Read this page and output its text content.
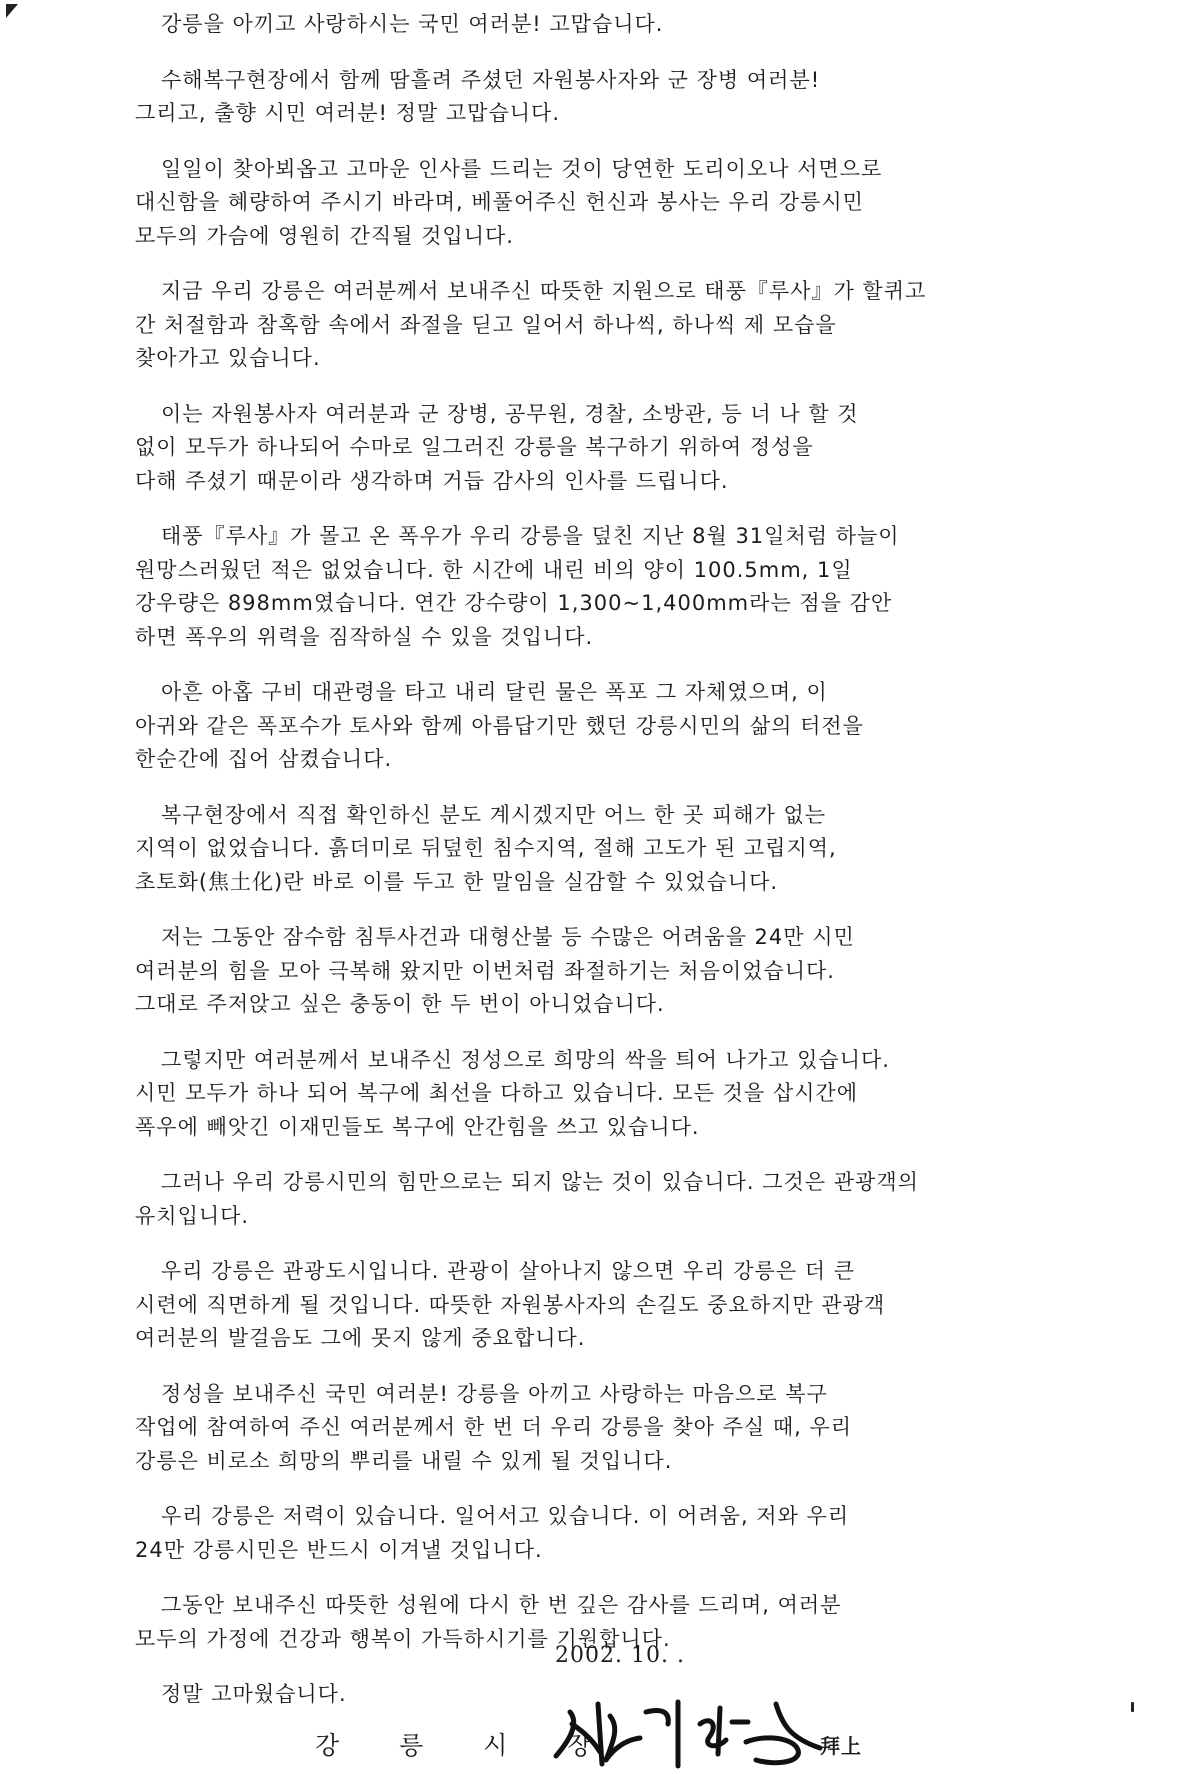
강릉을 아끼고 사랑하시는 국민 여러분! 고맙습니다.
수해복구현장에서 함께 땀흘려 주셨던 자원봉사자와 군 장병 여러분!
그리고, 출향 시민 여러분! 정말 고맙습니다.
일일이 찾아뵈옵고 고마운 인사를 드리는 것이 당연한 도리이오나 서면으로
대신함을 혜량하여 주시기 바라며, 베풀어주신 헌신과 봉사는 우리 강릉시민
모두의 가슴에 영원히 간직될 것입니다.
지금 우리 강릉은 여러분께서 보내주신 따뜻한 지원으로 태풍『루사』가 할퀴고
간 처절함과 참혹함 속에서 좌절을 딛고 일어서 하나씩, 하나씩 제 모습을
찾아가고 있습니다.
이는 자원봉사자 여러분과 군 장병, 공무원, 경찰, 소방관, 등 너 나 할 것
없이 모두가 하나되어 수마로 일그러진 강릉을 복구하기 위하여 정성을
다해 주셨기 때문이라 생각하며 거듭 감사의 인사를 드립니다.
태풍『루사』가 몰고 온 폭우가 우리 강릉을 덮친 지난 8월 31일처럼 하늘이
원망스러웠던 적은 없었습니다. 한 시간에 내린 비의 양이 100.5mm, 1일
강우량은 898mm였습니다. 연간 강수량이 1,300~1,400mm라는 점을 감안
하면 폭우의 위력을 짐작하실 수 있을 것입니다.
아흔 아홉 구비 대관령을 타고 내리 달린 물은 폭포 그 자체였으며, 이
아귀와 같은 폭포수가 토사와 함께 아름답기만 했던 강릉시민의 삶의 터전을
한순간에 집어 삼켰습니다.
복구현장에서 직접 확인하신 분도 계시겠지만 어느 한 곳 피해가 없는
지역이 없었습니다. 흙더미로 뒤덮힌 침수지역, 절해 고도가 된 고립지역,
초토화(焦土化)란 바로 이를 두고 한 말임을 실감할 수 있었습니다.
저는 그동안 잠수함 침투사건과 대형산불 등 수많은 어려움을 24만 시민
여러분의 힘을 모아 극복해 왔지만 이번처럼 좌절하기는 처음이었습니다.
그대로 주저앉고 싶은 충동이 한 두 번이 아니었습니다.
그렇지만 여러분께서 보내주신 정성으로 희망의 싹을 틔어 나가고 있습니다.
시민 모두가 하나 되어 복구에 최선을 다하고 있습니다. 모든 것을 삽시간에
폭우에 빼앗긴 이재민들도 복구에 안간힘을 쓰고 있습니다.
그러나 우리 강릉시민의 힘만으로는 되지 않는 것이 있습니다. 그것은 관광객의
유치입니다.
우리 강릉은 관광도시입니다. 관광이 살아나지 않으면 우리 강릉은 더 큰
시련에 직면하게 될 것입니다. 따뜻한 자원봉사자의 손길도 중요하지만 관광객
여러분의 발걸음도 그에 못지 않게 중요합니다.
정성을 보내주신 국민 여러분! 강릉을 아끼고 사랑하는 마음으로 복구
작업에 참여하여 주신 여러분께서 한 번 더 우리 강릉을 찾아 주실 때, 우리
강릉은 비로소 희망의 뿌리를 내릴 수 있게 될 것입니다.
우리 강릉은 저력이 있습니다. 일어서고 있습니다. 이 어려움, 저와 우리
24만 강릉시민은 반드시 이겨낼 것입니다.
그동안 보내주신 따뜻한 성원에 다시 한 번 깊은 감사를 드리며, 여러분
모두의 가정에 건강과 행복이 가득하시기를 기원합니다.
정말 고마웠습니다.
2002. 10. .
강 릉 시 장	拜上
